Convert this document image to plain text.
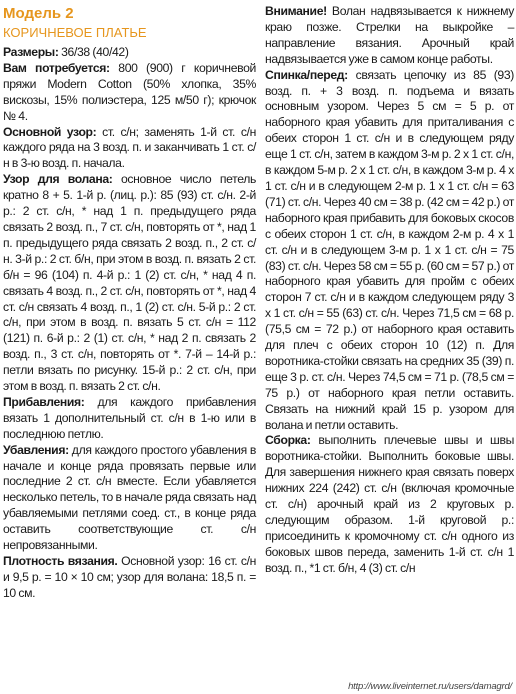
Модель 2
КОРИЧНЕВОЕ ПЛАТЬЕ

Размеры: 36/38 (40/42)

Вам потребуется: 800 (900) г коричневой пряжи Modern Cotton (50% хлопка, 35% вискозы, 15% полиэстера, 125 м/50 г); крючок № 4.

Основной узор: ст. с/н; заменять 1-й ст. с/н каждого ряда на 3 возд. п. и заканчивать 1 ст. с/н в 3-ю возд. п. начала.

Узор для волана: основное число петель кратно 8 + 5. 1-й р. (лиц. р.): 85 (93) ст. с/н. 2-й р.: 2 ст. с/н, * над 1 п. предыдущего ряда связать 2 возд. п., 7 ст. с/н, повторять от *, над 1 п. предыдущего ряда связать 2 возд. п., 2 ст. с/н. 3-й р.: 2 ст. б/н, при этом в возд. п. вязать 2 ст. б/н = 96 (104) п. 4-й р.: 1 (2) ст. с/н, * над 4 п. связать 4 возд. п., 2 ст. с/н, повторять от *, над 4 ст. с/н связать 4 возд. п., 1 (2) ст. с/н. 5-й р.: 2 ст. с/н, при этом в возд. п. вязать 5 ст. с/н = 112 (121) п. 6-й р.: 2 (1) ст. с/н, * над 2 п. связать 2 возд. п., 3 ст. с/н, повторять от *. 7-й – 14-й р.: петли вязать по рисунку. 15-й р.: 2 ст. с/н, при этом в возд. п. вязать 2 ст. с/н.

Прибавления: для каждого прибавления вязать 1 дополнительный ст. с/н в 1-ю или в последнюю петлю.

Убавления: для каждого простого убавления в начале и конце ряда провязать первые или последние 2 ст. с/н вместе. Если убавляется несколько петель, то в начале ряда связать над убавляемыми петлями соед. ст., в конце ряда оставить соответствующие ст. с/н непровязанными.

Плотность вязания. Основной узор: 16 ст. с/н и 9,5 р. = 10 × 10 см; узор для волана: 18,5 п. = 10 см.

Внимание! Волан надвязывается к нижнему краю позже. Стрелки на выкройке – направление вязания. Арочный край надвязывается уже в самом конце работы.

Спинка/перед: связать цепочку из 85 (93) возд. п. + 3 возд. п. подъема и вязать основным узором. Через 5 см = 5 р. от наборного края убавить для приталивания с обеих сторон 1 ст. с/н и в следующем ряду еще 1 ст. с/н, затем в каждом 3-м р. 2 х 1 ст. с/н, в каждом 5-м р. 2 х 1 ст. с/н, в каждом 3-м р. 4 х 1 ст. с/н и в следующем 2-м р. 1 х 1 ст. с/н = 63 (71) ст. с/н. Через 40 см = 38 р. (42 см = 42 р.) от наборного края прибавить для боковых скосов с обеих сторон 1 ст. с/н, в каждом 2-м р. 4 х 1 ст. с/н и в следующем 3-м р. 1 х 1 ст. с/н = 75 (83) ст. с/н. Через 58 см = 55 р. (60 см = 57 р.) от наборного края убавить для пройм с обеих сторон 7 ст. с/н и в каждом следующем ряду 3 х 1 ст. с/н = 55 (63) ст. с/н. Через 71,5 см = 68 р. (75,5 см = 72 р.) от наборного края оставить для плеч с обеих сторон 10 (12) п. Для воротника-стойки связать на средних 35 (39) п. еще 3 р. ст. с/н. Через 74,5 см = 71 р. (78,5 см = 75 р.) от наборного края петли оставить. Связать на нижний край 15 р. узором для волана и петли оставить.

Сборка: выполнить плечевые швы и швы воротника-стойки. Выполнить боковые швы. Для завершения нижнего края связать поверх нижних 224 (242) ст. с/н (включая кромочные ст. с/н) арочный край из 2 круговых р. следующим образом. 1-й круговой р.: присоединить к кромочному ст. с/н одного из боковых швов переда, заменить 1-й ст. с/н 1 возд. п., *1 ст. б/н, 4 (3) ст. с/н

http://www.liveinternet.ru/users/damagrd/
